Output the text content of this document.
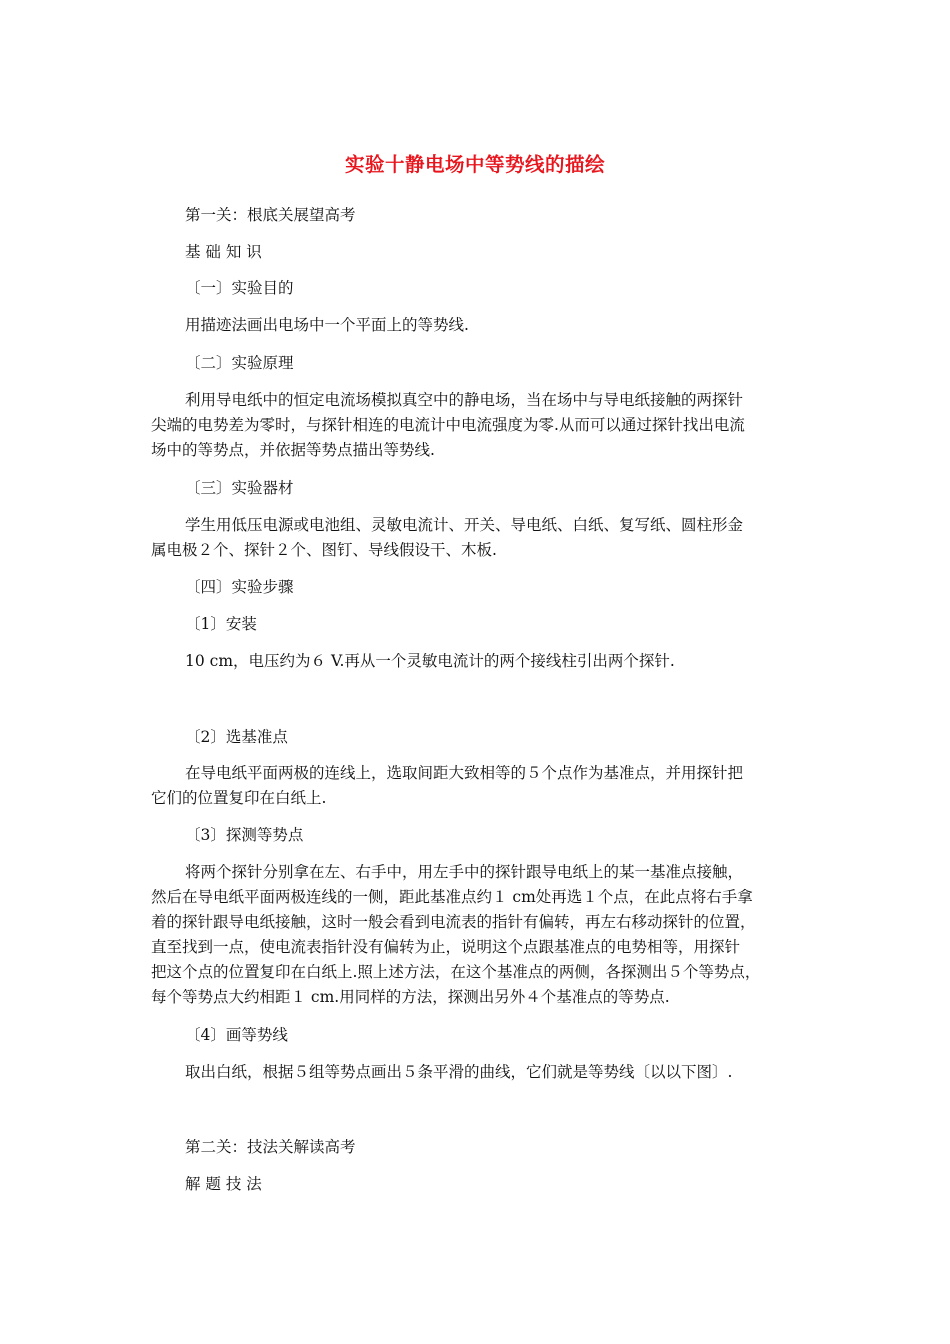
实验十静电场中等势线的描绘

第一关：根底关展望高考

基 础 知 识

〔一〕实验目的

用描迹法画出电场中一个平面上的等势线.

〔二〕实验原理

利用导电纸中的恒定电流场模拟真空中的静电场，当在场中与导电纸接触的两探针

尖端的电势差为零时，与探针相连的电流计中电流强度为零.从而可以通过探针找出电流

场中的等势点，并依据等势点描出等势线.

〔三〕实验器材

学生用低压电源或电池组、灵敏电流计、开关、导电纸、白纸、复写纸、圆柱形金

属电极２个、探针２个、图钉、导线假设干、木板.

〔四〕实验步骤

〔1〕安装

10 cm，电压约为６ V.再从一个灵敏电流计的两个接线柱引出两个探针.

〔2〕选基准点

在导电纸平面两极的连线上，选取间距大致相等的５个点作为基准点，并用探针把

它们的位置复印在白纸上.

〔3〕探测等势点

将两个探针分别拿在左、右手中，用左手中的探针跟导电纸上的某一基准点接触，

然后在导电纸平面两极连线的一侧，距此基准点约１ cm处再选１个点，在此点将右手拿

着的探针跟导电纸接触，这时一般会看到电流表的指针有偏转，再左右移动探针的位置，

直至找到一点，使电流表指针没有偏转为止，说明这个点跟基准点的电势相等，用探针

把这个点的位置复印在白纸上.照上述方法，在这个基准点的两侧，各探测出５个等势点，

每个等势点大约相距１ cm.用同样的方法，探测出另外４个基准点的等势点.

〔4〕画等势线

取出白纸，根据５组等势点画出５条平滑的曲线，它们就是等势线〔以以下图〕.

第二关：技法关解读高考

解 题 技 法
